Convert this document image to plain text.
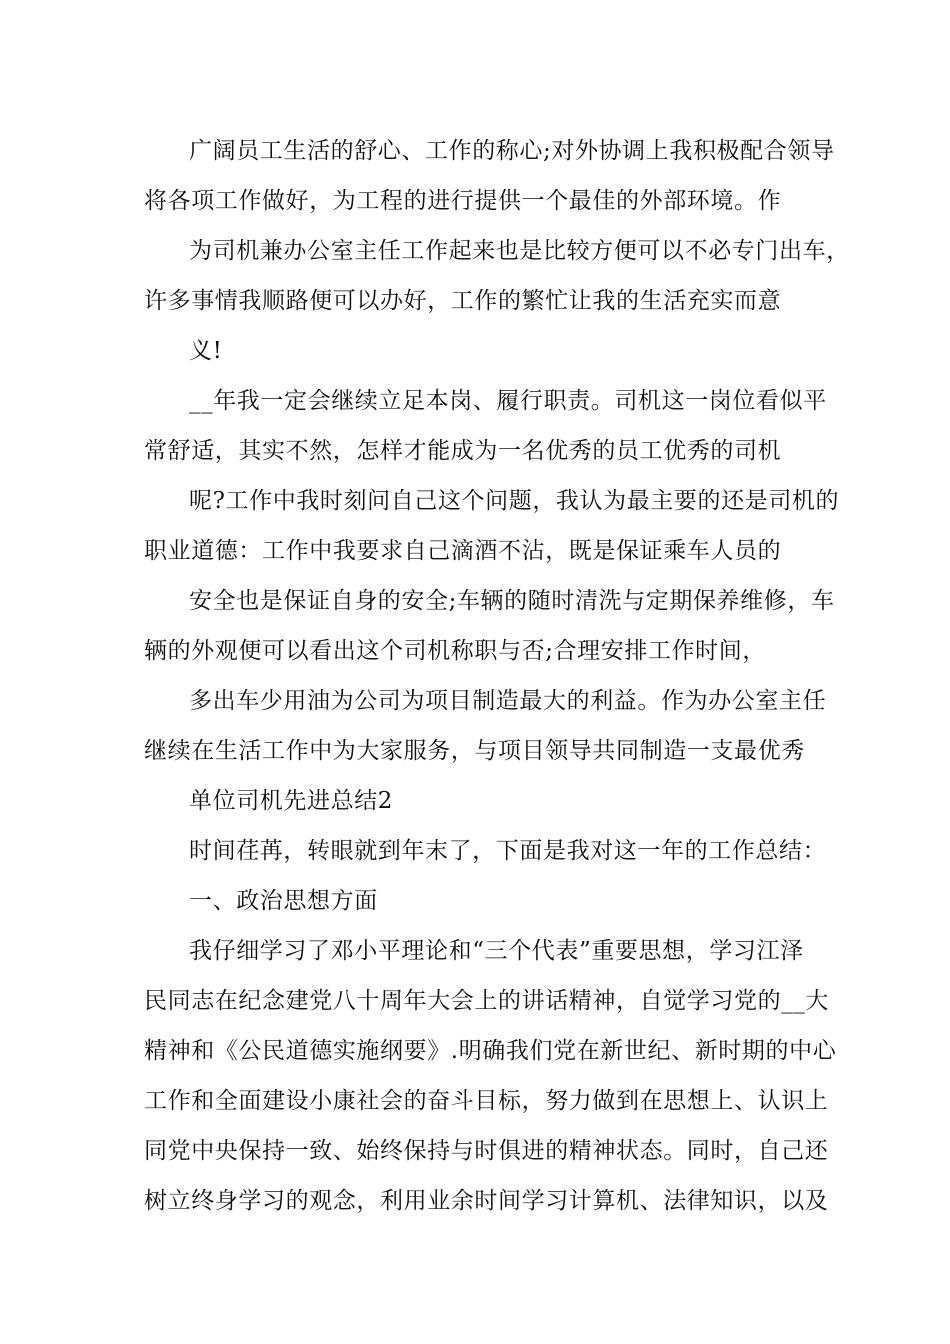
广阔员工生活的舒心、工作的称心;对外协调上我积极配合领导

将各项工作做好，为工程的进行提供一个最佳的外部环境。作

为司机兼办公室主任工作起来也是比较方便可以不必专门出车，

许多事情我顺路便可以办好，工作的繁忙让我的生活充实而意

义!

__年我一定会继续立足本岗、履行职责。司机这一岗位看似平

常舒适，其实不然，怎样才能成为一名优秀的员工优秀的司机

呢?工作中我时刻问自己这个问题，我认为最主要的还是司机的

职业道德：工作中我要求自己滴酒不沾，既是保证乘车人员的

安全也是保证自身的安全;车辆的随时清洗与定期保养维修，车

辆的外观便可以看出这个司机称职与否;合理安排工作时间，

多出车少用油为公司为项目制造最大的利益。作为办公室主任

继续在生活工作中为大家服务，与项目领导共同制造一支最优秀

单位司机先进总结2

时间荏苒，转眼就到年末了，下面是我对这一年的工作总结：

一、政治思想方面

我仔细学习了邓小平理论和“三个代表”重要思想，学习江泽

民同志在纪念建党八十周年大会上的讲话精神，自觉学习党的__大

精神和《公民道德实施纲要》.明确我们党在新世纪、新时期的中心

工作和全面建设小康社会的奋斗目标，努力做到在思想上、认识上

同党中央保持一致、始终保持与时俱进的精神状态。同时，自己还

树立终身学习的观念，利用业余时间学习计算机、法律知识，以及
